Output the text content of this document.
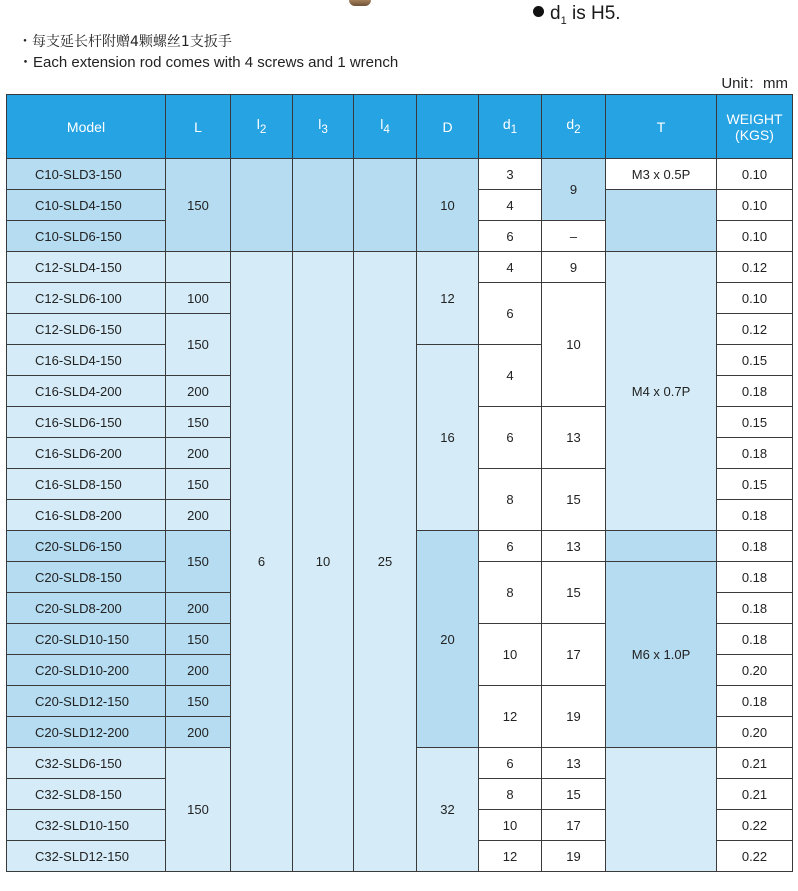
$d_1$ is H5.
・每支延长杆附赠4颗螺丝1支扳手
・Each extension rod comes with 4 screws and 1 wrench
Unit：mm
Model	L	$l_2$	$l_3$	$l_4$	D	$d_1$	$d_2$	T	WEIGHT
(KGS)
C10-SLD3-150	150				10	3	9	M3 x 0.5P	0.10
C10-SLD4-150						4			0.10
C10-SLD6-150						6	–		0.10
C12-SLD4-150		6	10	25	12	4	9	M4 x 0.7P	0.12
C12-SLD6-100	100					6	10		0.10
C12-SLD6-150	150								0.12
C16-SLD4-150					16	4			0.15
C16-SLD4-200	200								0.18
C16-SLD6-150	150					6	13		0.15
C16-SLD6-200	200								0.18
C16-SLD8-150	150					8	15		0.15
C16-SLD8-200	200								0.18
C20-SLD6-150	150				20	6	13		0.18
C20-SLD8-150						8	15	M6 x 1.0P	0.18
C20-SLD8-200	200								0.18
C20-SLD10-150	150					10	17		0.18
C20-SLD10-200	200								0.20
C20-SLD12-150	150					12	19		0.18
C20-SLD12-200	200								0.20
C32-SLD6-150	150				32	6	13		0.21
C32-SLD8-150						8	15		0.21
C32-SLD10-150						10	17		0.22
C32-SLD12-150						12	19		0.22
